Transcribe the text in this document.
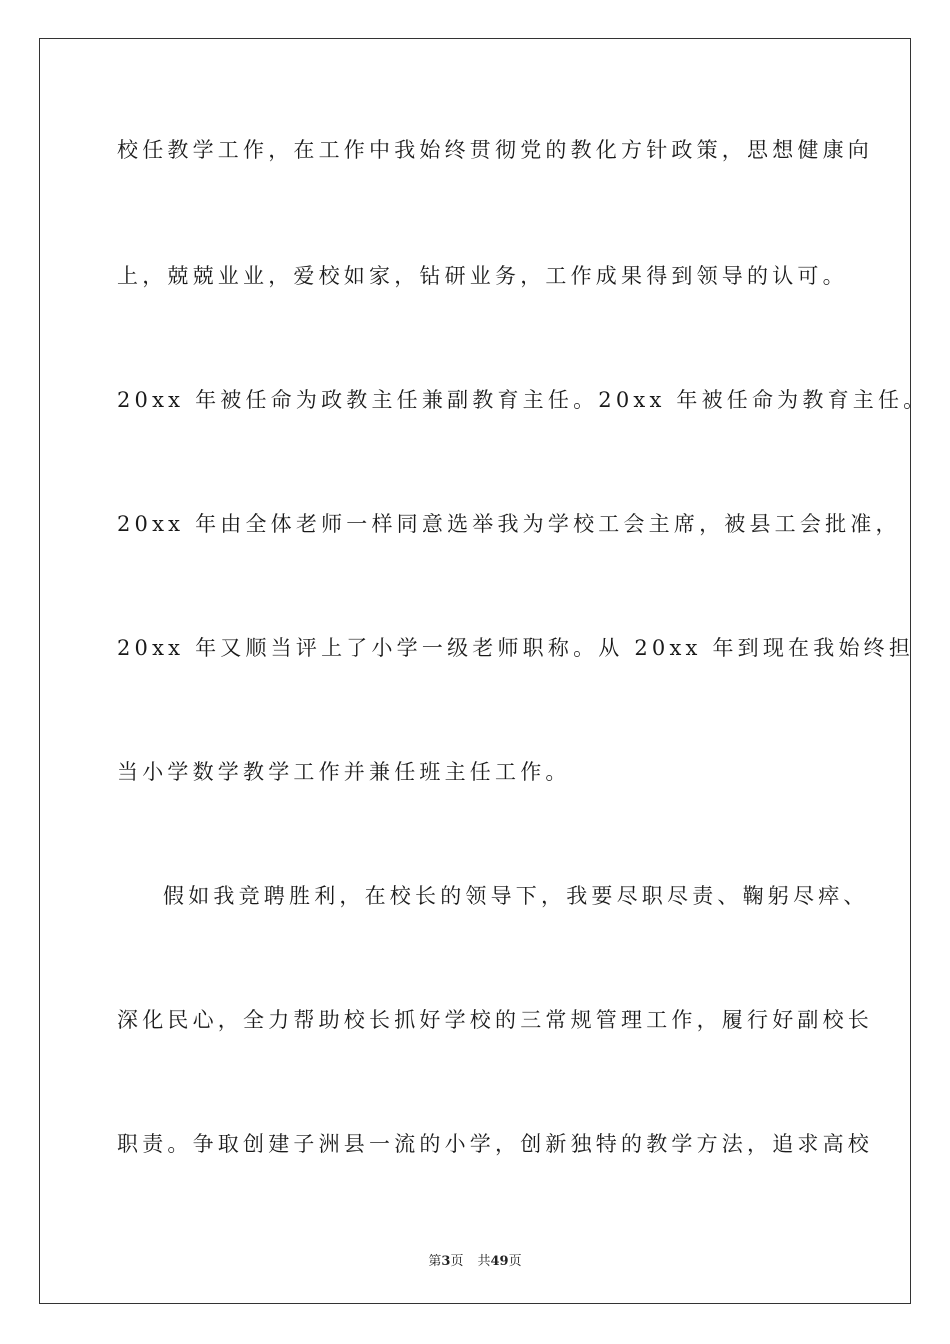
校任教学工作，在工作中我始终贯彻党的教化方针政策，思想健康向
上，兢兢业业，爱校如家，钻研业务，工作成果得到领导的认可。
20xx 年被任命为政教主任兼副教育主任。20xx 年被任命为教育主任。
20xx 年由全体老师一样同意选举我为学校工会主席，被县工会批准，
20xx 年又顺当评上了小学一级老师职称。从 20xx 年到现在我始终担
当小学数学教学工作并兼任班主任工作。
假如我竞聘胜利，在校长的领导下，我要尽职尽责、鞠躬尽瘁、
深化民心，全力帮助校长抓好学校的三常规管理工作，履行好副校长
职责。争取创建子洲县一流的小学，创新独特的教学方法，追求高校
第3页 共49页
